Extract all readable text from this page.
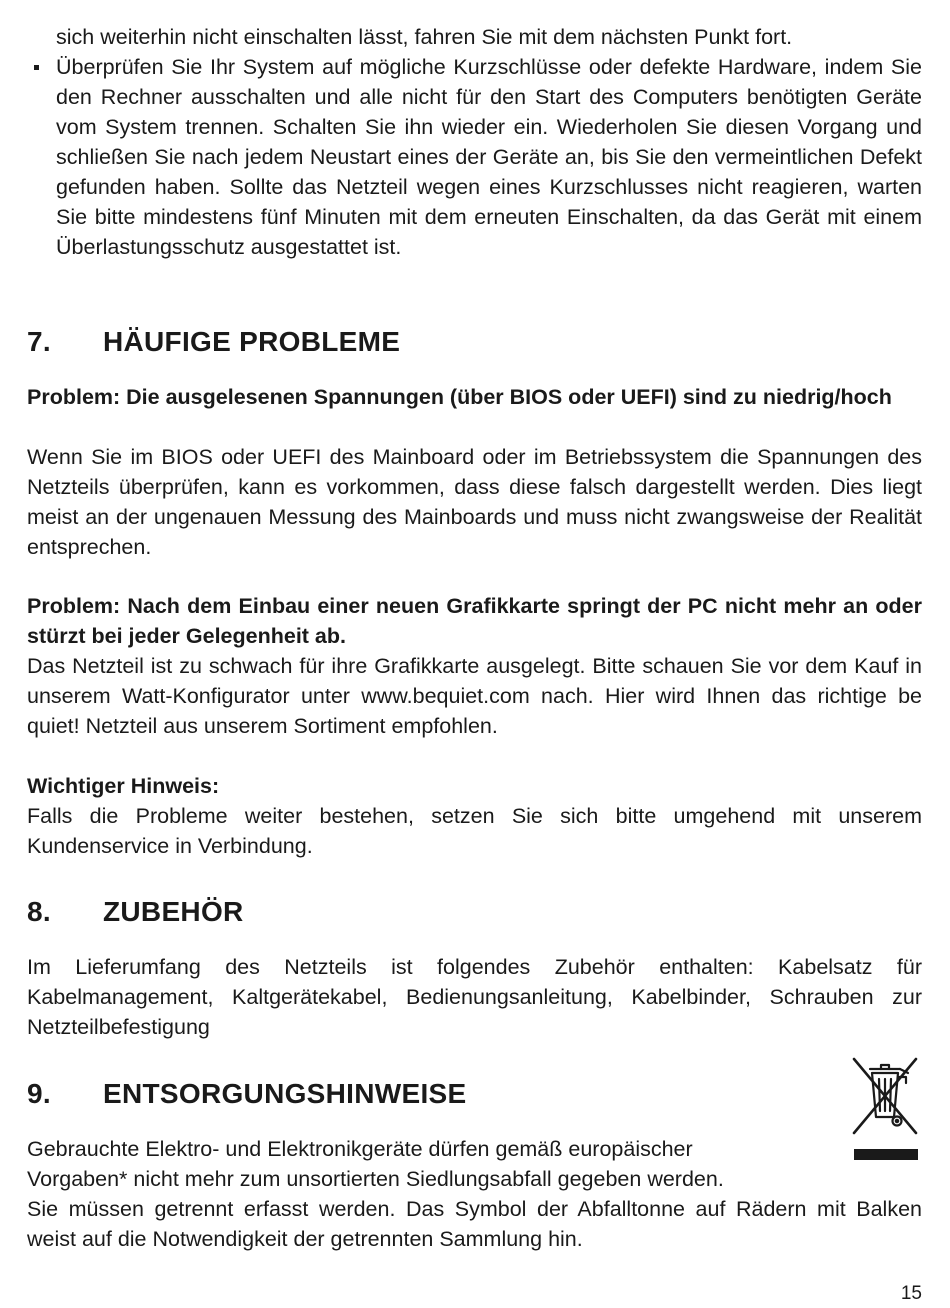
sich weiterhin nicht einschalten lässt, fahren Sie mit dem nächsten Punkt fort.

Überprüfen Sie Ihr System auf mögliche Kurzschlüsse oder defekte Hardware, indem Sie den Rechner ausschalten und alle nicht für den Start des Computers benötigten Geräte vom System trennen. Schalten Sie ihn wieder ein. Wiederholen Sie diesen Vorgang und schließen Sie nach jedem Neustart eines der Geräte an, bis Sie den vermeintlichen Defekt gefunden haben. Sollte das Netzteil wegen eines Kurzschlusses nicht reagieren, warten Sie bitte mindestens fünf Minuten mit dem erneuten Einschalten, da das Gerät mit einem Überlastungsschutz ausgestattet ist.

7. HÄUFIGE PROBLEME

Problem: Die ausgelesenen Spannungen (über BIOS oder UEFI) sind zu niedrig/hoch

Wenn Sie im BIOS oder UEFI des Mainboard oder im Betriebssystem die Spannungen des Netzteils überprüfen, kann es vorkommen, dass diese falsch dargestellt werden. Dies liegt meist an der ungenauen Messung des Mainboards und muss nicht zwangsweise der Realität entsprechen.

Problem: Nach dem Einbau einer neuen Grafikkarte springt der PC nicht mehr an oder stürzt bei jeder Gelegenheit ab.

Das Netzteil ist zu schwach für ihre Grafikkarte ausgelegt. Bitte schauen Sie vor dem Kauf in unserem Watt-Konfigurator unter www.bequiet.com nach. Hier wird Ihnen das richtige be quiet! Netzteil aus unserem Sortiment empfohlen.

Wichtiger Hinweis:

Falls die Probleme weiter bestehen, setzen Sie sich bitte umgehend mit unserem Kundenservice in Verbindung.

8. ZUBEHÖR

Im Lieferumfang des Netzteils ist folgendes Zubehör enthalten: Kabelsatz für Kabelmanagement, Kaltgerätekabel, Bedienungsanleitung, Kabelbinder, Schrauben zur Netzteilbefestigung

9. ENTSORGUNGSHINWEISE

Gebrauchte Elektro- und Elektronikgeräte dürfen gemäß europäischer

Vorgaben* nicht mehr zum unsortierten Siedlungsabfall gegeben werden.

Sie müssen getrennt erfasst werden. Das Symbol der Abfalltonne auf Rädern mit Balken weist auf die Notwendigkeit der getrennten Sammlung hin.

15
